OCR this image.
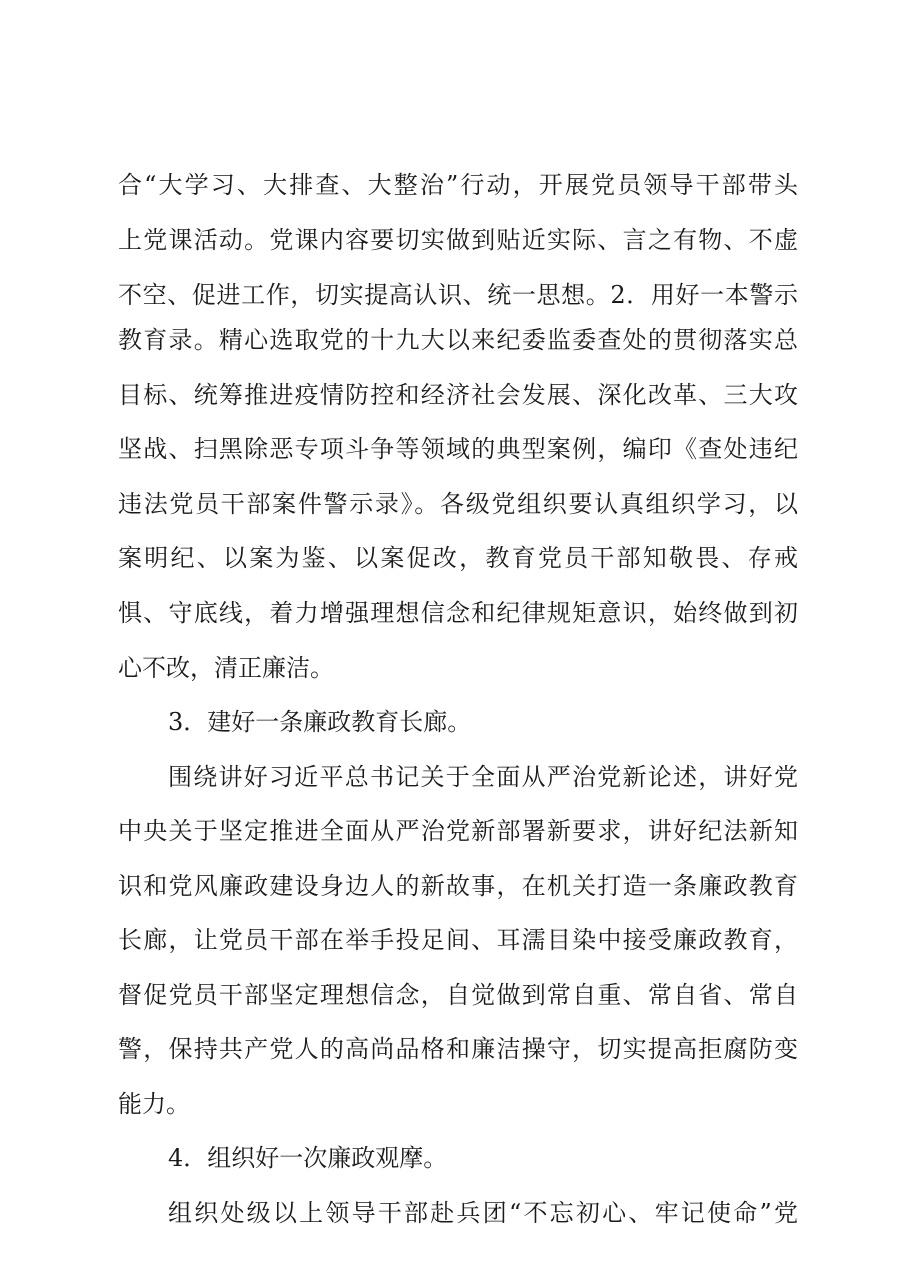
合“大学习、大排查、大整治”行动，开展党员领导干部带头
上党课活动。党课内容要切实做到贴近实际、言之有物、不虚
不空、促进工作，切实提高认识、统一思想。2．用好一本警示
教育录。精心选取党的十九大以来纪委监委查处的贯彻落实总
目标、统筹推进疫情防控和经济社会发展、深化改革、三大攻
坚战、扫黑除恶专项斗争等领域的典型案例，编印《查处违纪
违法党员干部案件警示录》。各级党组织要认真组织学习，以
案明纪、以案为鉴、以案促改，教育党员干部知敬畏、存戒
惧、守底线，着力增强理想信念和纪律规矩意识，始终做到初
心不改，清正廉洁。
3．建好一条廉政教育长廊。
围绕讲好习近平总书记关于全面从严治党新论述，讲好党
中央关于坚定推进全面从严治党新部署新要求，讲好纪法新知
识和党风廉政建设身边人的新故事，在机关打造一条廉政教育
长廊，让党员干部在举手投足间、耳濡目染中接受廉政教育，
督促党员干部坚定理想信念，自觉做到常自重、常自省、常自
警，保持共产党人的高尚品格和廉洁操守，切实提高拒腐防变
能力。
4．组织好一次廉政观摩。
组织处级以上领导干部赴兵团“不忘初心、牢记使命”党
